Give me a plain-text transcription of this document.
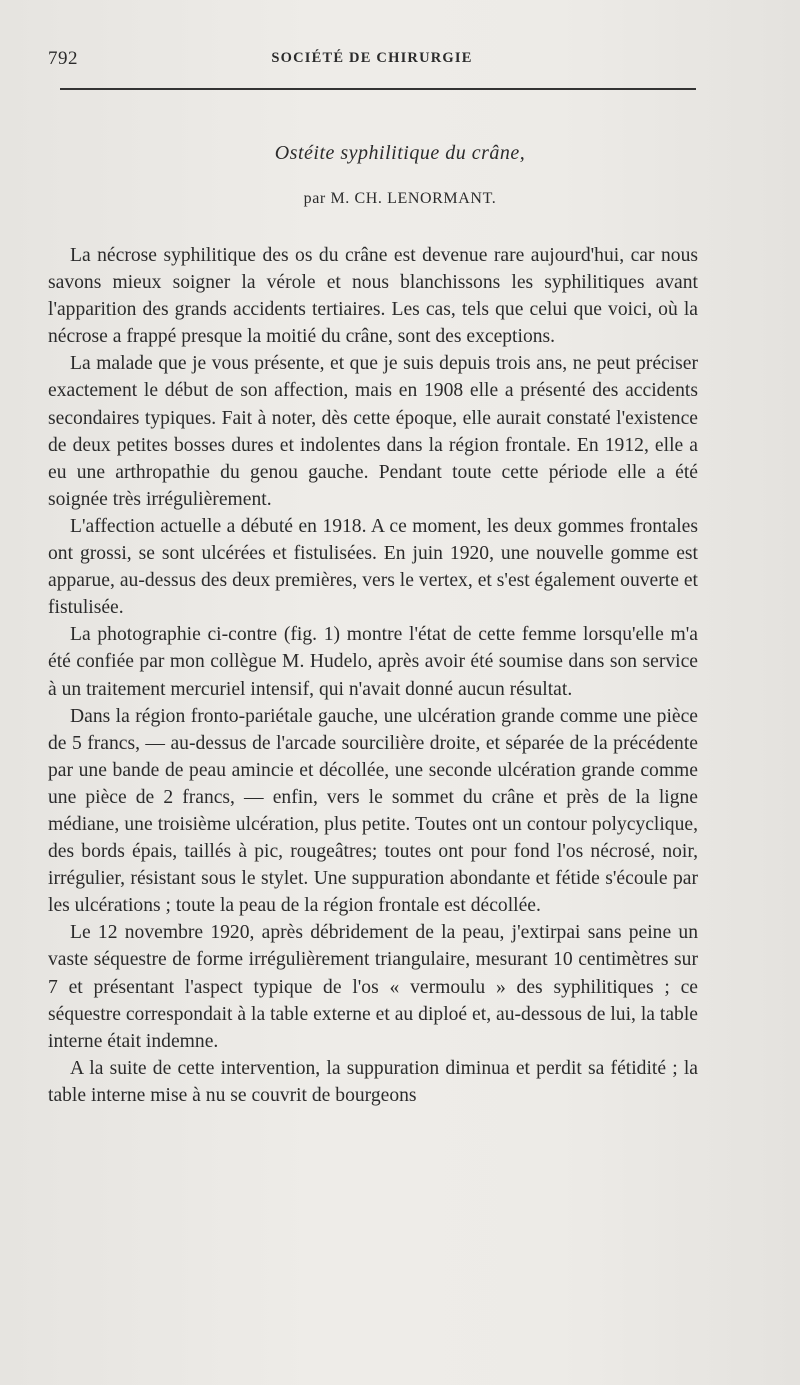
792	SOCIÉTÉ DE CHIRURGIE
Ostéite syphilitique du crâne,
par M. CH. LENORMANT.

La nécrose syphilitique des os du crâne est devenue rare aujourd'hui, car nous savons mieux soigner la vérole et nous blanchissons les syphilitiques avant l'apparition des grands accidents tertiaires. Les cas, tels que celui que voici, où la nécrose a frappé presque la moitié du crâne, sont des exceptions.

La malade que je vous présente, et que je suis depuis trois ans, ne peut préciser exactement le début de son affection, mais en 1908 elle a présenté des accidents secondaires typiques. Fait à noter, dès cette époque, elle aurait constaté l'existence de deux petites bosses dures et indolentes dans la région frontale. En 1912, elle a eu une arthropathie du genou gauche. Pendant toute cette période elle a été soignée très irrégulièrement.

L'affection actuelle a débuté en 1918. A ce moment, les deux gommes frontales ont grossi, se sont ulcérées et fistulisées. En juin 1920, une nouvelle gomme est apparue, au-dessus des deux premières, vers le vertex, et s'est également ouverte et fistulisée.

La photographie ci-contre (fig. 1) montre l'état de cette femme lorsqu'elle m'a été confiée par mon collègue M. Hudelo, après avoir été soumise dans son service à un traitement mercuriel intensif, qui n'avait donné aucun résultat.

Dans la région fronto-pariétale gauche, une ulcération grande comme une pièce de 5 francs, — au-dessus de l'arcade sourcilière droite, et séparée de la précédente par une bande de peau amincie et décollée, une seconde ulcération grande comme une pièce de 2 francs, — enfin, vers le sommet du crâne et près de la ligne médiane, une troisième ulcération, plus petite. Toutes ont un contour polycyclique, des bords épais, taillés à pic, rougeâtres; toutes ont pour fond l'os nécrosé, noir, irrégulier, résistant sous le stylet. Une suppuration abondante et fétide s'écoule par les ulcérations ; toute la peau de la région frontale est décollée.

Le 12 novembre 1920, après débridement de la peau, j'extirpai sans peine un vaste séquestre de forme irrégulièrement triangulaire, mesurant 10 centimètres sur 7 et présentant l'aspect typique de l'os « vermoulu » des syphilitiques ; ce séquestre correspondait à la table externe et au diploé et, au-dessous de lui, la table interne était indemne.

A la suite de cette intervention, la suppuration diminua et perdit sa fétidité ; la table interne mise à nu se couvrit de bourgeons
